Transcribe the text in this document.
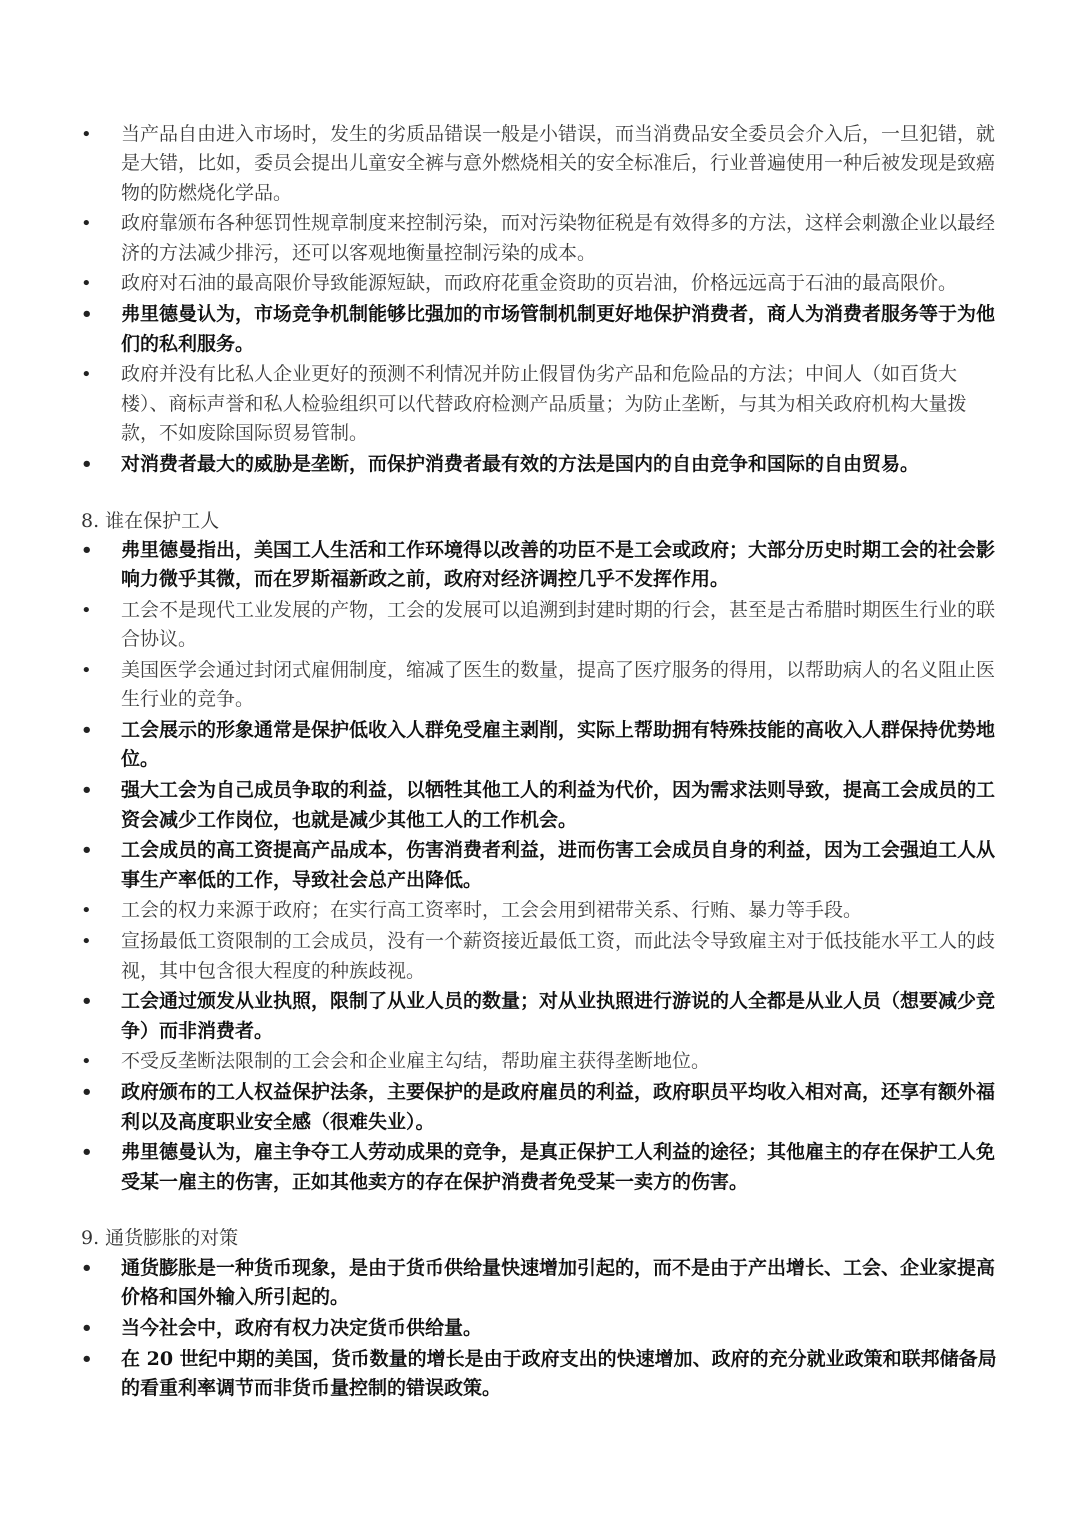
•	当产品自由进入市场时，发生的劣质品错误一般是小错误，而当消费品安全委员会介入后，一旦犯错，就是大错，比如，委员会提出儿童安全裤与意外燃烧相关的安全标准后，行业普遍使用一种后被发现是致癌物的防燃烧化学品。
•	政府靠颁布各种惩罚性规章制度来控制污染，而对污染物征税是有效得多的方法，这样会刺激企业以最经济的方法减少排污，还可以客观地衡量控制污染的成本。
•	政府对石油的最高限价导致能源短缺，而政府花重金资助的页岩油，价格远远高于石油的最高限价。
•	弗里德曼认为，市场竞争机制能够比强加的市场管制机制更好地保护消费者，商人为消费者服务等于为他们的私利服务。
•	政府并没有比私人企业更好的预测不利情况并防止假冒伪劣产品和危险品的方法；中间人（如百货大楼）、商标声誉和私人检验组织可以代替政府检测产品质量；为防止垄断，与其为相关政府机构大量拨款，不如废除国际贸易管制。
•	对消费者最大的威胁是垄断，而保护消费者最有效的方法是国内的自由竞争和国际的自由贸易。
8. 谁在保护工人
•	弗里德曼指出，美国工人生活和工作环境得以改善的功臣不是工会或政府；大部分历史时期工会的社会影响力微乎其微，而在罗斯福新政之前，政府对经济调控几乎不发挥作用。
•	工会不是现代工业发展的产物，工会的发展可以追溯到封建时期的行会，甚至是古希腊时期医生行业的联合协议。
•	美国医学会通过封闭式雇佣制度，缩减了医生的数量，提高了医疗服务的得用，以帮助病人的名义阻止医生行业的竞争。
•	工会展示的形象通常是保护低收入人群免受雇主剥削，实际上帮助拥有特殊技能的高收入人群保持优势地位。
•	强大工会为自己成员争取的利益，以牺牲其他工人的利益为代价，因为需求法则导致，提高工会成员的工资会减少工作岗位，也就是减少其他工人的工作机会。
•	工会成员的高工资提高产品成本，伤害消费者利益，进而伤害工会成员自身的利益，因为工会强迫工人从事生产率低的工作，导致社会总产出降低。
•	工会的权力来源于政府；在实行高工资率时，工会会用到裙带关系、行贿、暴力等手段。
•	宣扬最低工资限制的工会成员，没有一个薪资接近最低工资，而此法令导致雇主对于低技能水平工人的歧视，其中包含很大程度的种族歧视。
•	工会通过颁发从业执照，限制了从业人员的数量；对从业执照进行游说的人全都是从业人员（想要减少竞争）而非消费者。
•	不受反垄断法限制的工会会和企业雇主勾结，帮助雇主获得垄断地位。
•	政府颁布的工人权益保护法条，主要保护的是政府雇员的利益，政府职员平均收入相对高，还享有额外福利以及高度职业安全感（很难失业）。
•	弗里德曼认为，雇主争夺工人劳动成果的竞争，是真正保护工人利益的途径；其他雇主的存在保护工人免受某一雇主的伤害，正如其他卖方的存在保护消费者免受某一卖方的伤害。
9. 通货膨胀的对策
•	通货膨胀是一种货币现象，是由于货币供给量快速增加引起的，而不是由于产出增长、工会、企业家提高价格和国外输入所引起的。
•	当今社会中，政府有权力决定货币供给量。
•	在 20 世纪中期的美国，货币数量的增长是由于政府支出的快速增加、政府的充分就业政策和联邦储备局的看重利率调节而非货币量控制的错误政策。
